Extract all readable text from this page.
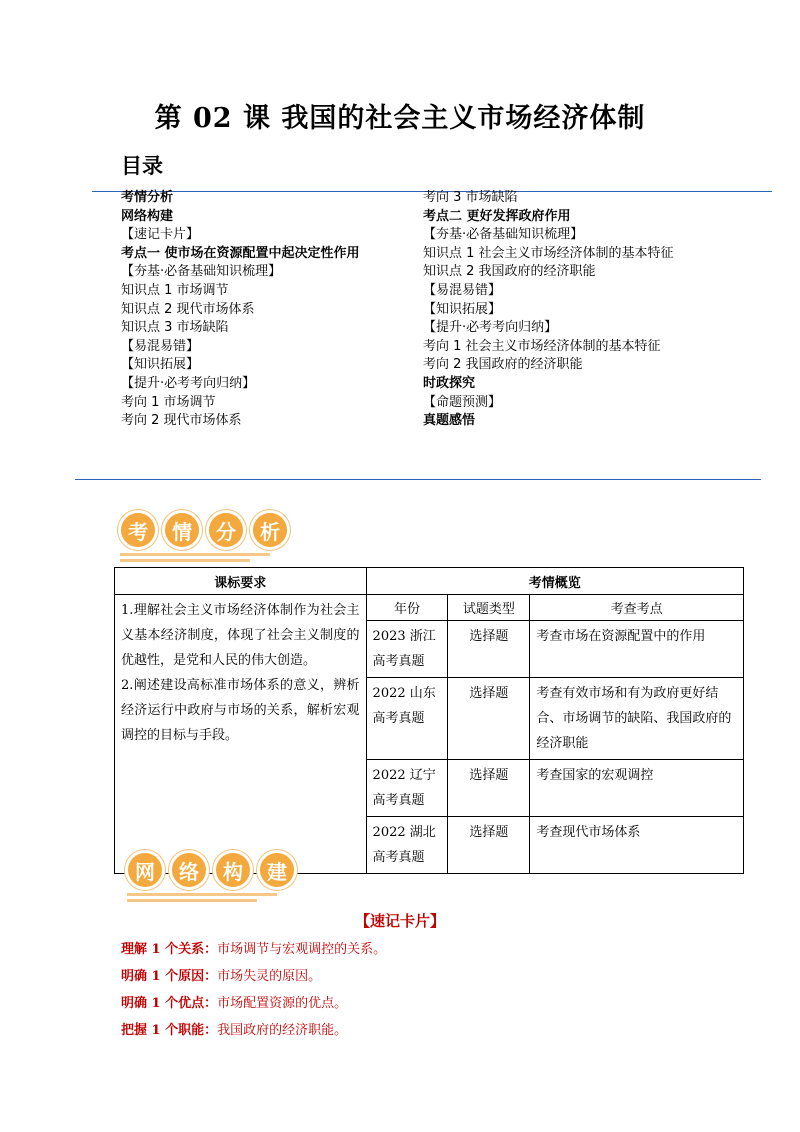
第 02 课 我国的社会主义市场经济体制
目录
考情分析
网络构建
【速记卡片】
考点一 使市场在资源配置中起决定性作用
【夯基·必备基础知识梳理】
知识点 1 市场调节
知识点 2 现代市场体系
知识点 3 市场缺陷
【易混易错】
【知识拓展】
【提升·必考考向归纳】
考向 1 市场调节
考向 2 现代市场体系
考向 3 市场缺陷
考点二 更好发挥政府作用
【夯基·必备基础知识梳理】
知识点 1 社会主义市场经济体制的基本特征
知识点 2 我国政府的经济职能
【易混易错】
【知识拓展】
【提升·必考考向归纳】
考向 1 社会主义市场经济体制的基本特征
考向 2 我国政府的经济职能
时政探究
【命题预测】
真题感悟
考	情	分	析
课标要求	考情概览		

1.理解社会主义市场经济体制作为社会主义基本经济制度，体现了社会主义制度的优越性，是党和人民的伟大创造。
2.阐述建设高标准市场体系的意义，辨析经济运行中政府与市场的关系，解析宏观调控的目标与手段。	年份	试题类型	考查考点
	2023 浙江高考真题	选择题	考查市场在资源配置中的作用
	2022 山东高考真题	选择题	考查有效市场和有为政府更好结合、市场调节的缺陷、我国政府的经济职能
	2022 辽宁高考真题	选择题	考查国家的宏观调控
	2022 湖北高考真题	选择题	考查现代市场体系
网	络	构	建
【速记卡片】
理解 1 个关系：市场调节与宏观调控的关系。
明确 1 个原因：市场失灵的原因。
明确 1 个优点：市场配置资源的优点。
把握 1 个职能：我国政府的经济职能。
